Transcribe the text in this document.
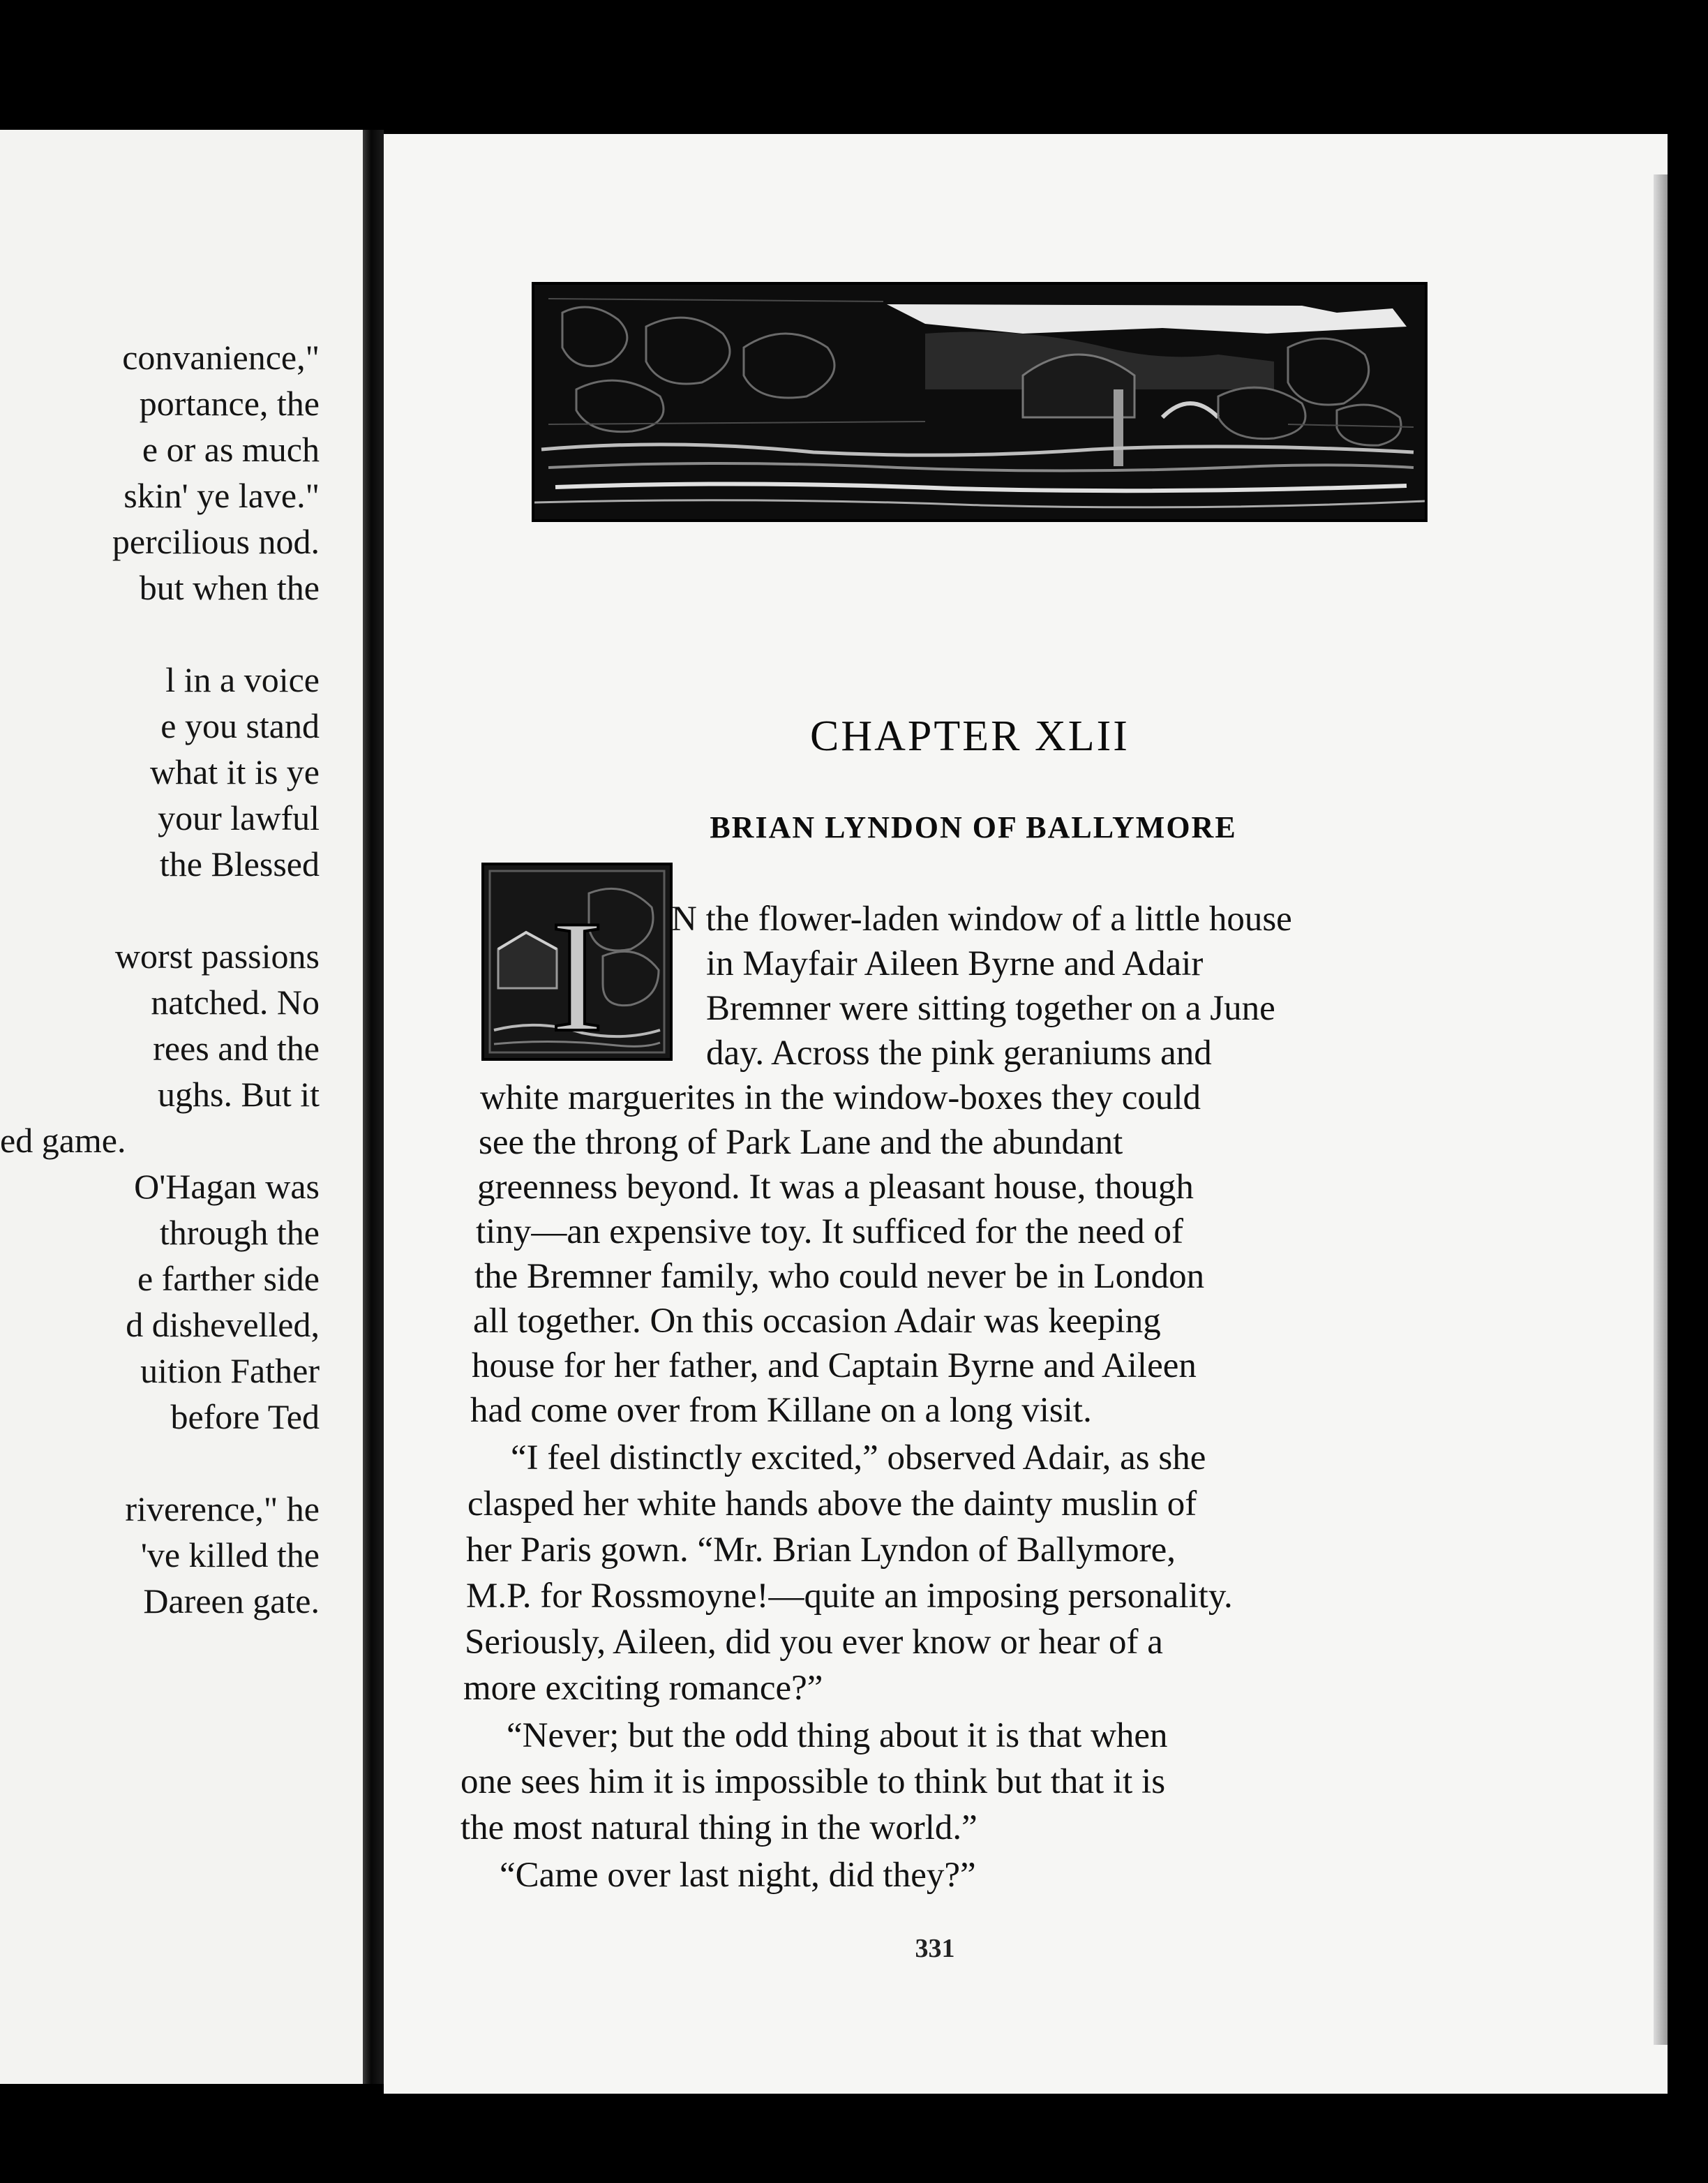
convanience,"
portance, the
e or as much
skin' ye lave."
percilious nod.
but when the
l in a voice
e you stand
what it is ye
your lawful
the Blessed
worst passions
natched. No
rees and the
ughs. But it
ed game.
O'Hagan was
through the
e farther side
d dishevelled,
uition Father
before Ted
riverence," he
've killed the
Dareen gate.
CHAPTER XLII
BRIAN LYNDON OF BALLYMORE
I N the flower-laden window of a little house
in Mayfair Aileen Byrne and Adair
Bremner were sitting together on a June
day. Across the pink geraniums and
white marguerites in the window-boxes they could
see the throng of Park Lane and the abundant
greenness beyond. It was a pleasant house, though
tiny—an expensive toy. It sufficed for the need of
the Bremner family, who could never be in London
all together. On this occasion Adair was keeping
house for her father, and Captain Byrne and Aileen
had come over from Killane on a long visit.
“I feel distinctly excited,” observed Adair, as she
clasped her white hands above the dainty muslin of
her Paris gown. “Mr. Brian Lyndon of Ballymore,
M.P. for Rossmoyne!—quite an imposing personality.
Seriously, Aileen, did you ever know or hear of a
more exciting romance?”
“Never; but the odd thing about it is that when
one sees him it is impossible to think but that it is
the most natural thing in the world.”
“Came over last night, did they?”
331
